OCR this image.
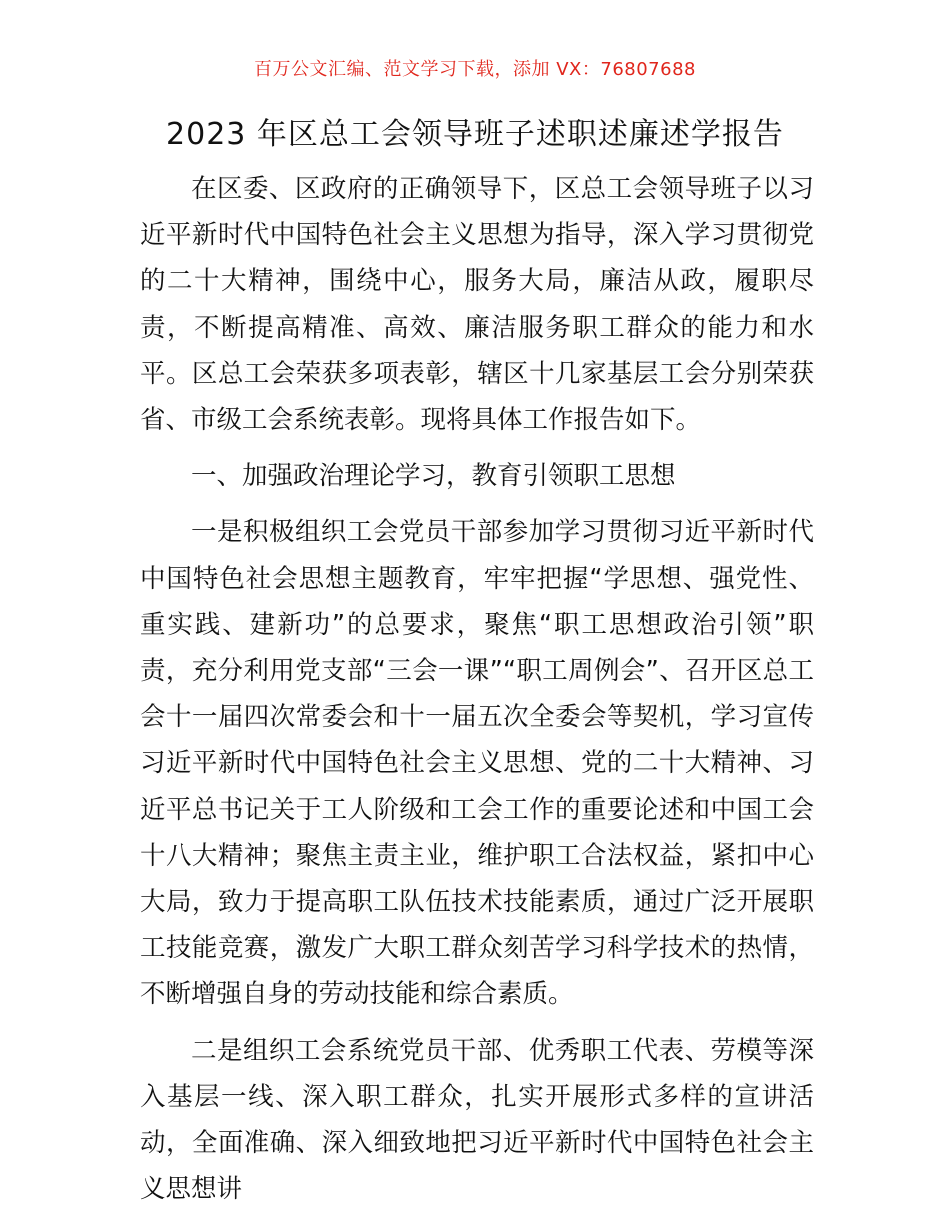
百万公文汇编、范文学习下载，添加 VX：76807688
2023 年区总工会领导班子述职述廉述学报告

在区委、区政府的正确领导下，区总工会领导班子以习近平新时代中国特色社会主义思想为指导，深入学习贯彻党的二十大精神，围绕中心，服务大局，廉洁从政，履职尽责，不断提高精准、高效、廉洁服务职工群众的能力和水平。区总工会荣获多项表彰，辖区十几家基层工会分别荣获省、市级工会系统表彰。现将具体工作报告如下。

一、加强政治理论学习，教育引领职工思想

一是积极组织工会党员干部参加学习贯彻习近平新时代中国特色社会思想主题教育，牢牢把握“学思想、强党性、重实践、建新功”的总要求，聚焦“职工思想政治引领”职责，充分利用党支部“三会一课”“职工周例会”、召开区总工会十一届四次常委会和十一届五次全委会等契机，学习宣传习近平新时代中国特色社会主义思想、党的二十大精神、习近平总书记关于工人阶级和工会工作的重要论述和中国工会十八大精神；聚焦主责主业，维护职工合法权益，紧扣中心大局，致力于提高职工队伍技术技能素质，通过广泛开展职工技能竞赛，激发广大职工群众刻苦学习科学技术的热情，不断增强自身的劳动技能和综合素质。

二是组织工会系统党员干部、优秀职工代表、劳模等深入基层一线、深入职工群众，扎实开展形式多样的宣讲活动，全面准确、深入细致地把习近平新时代中国特色社会主义思想讲
